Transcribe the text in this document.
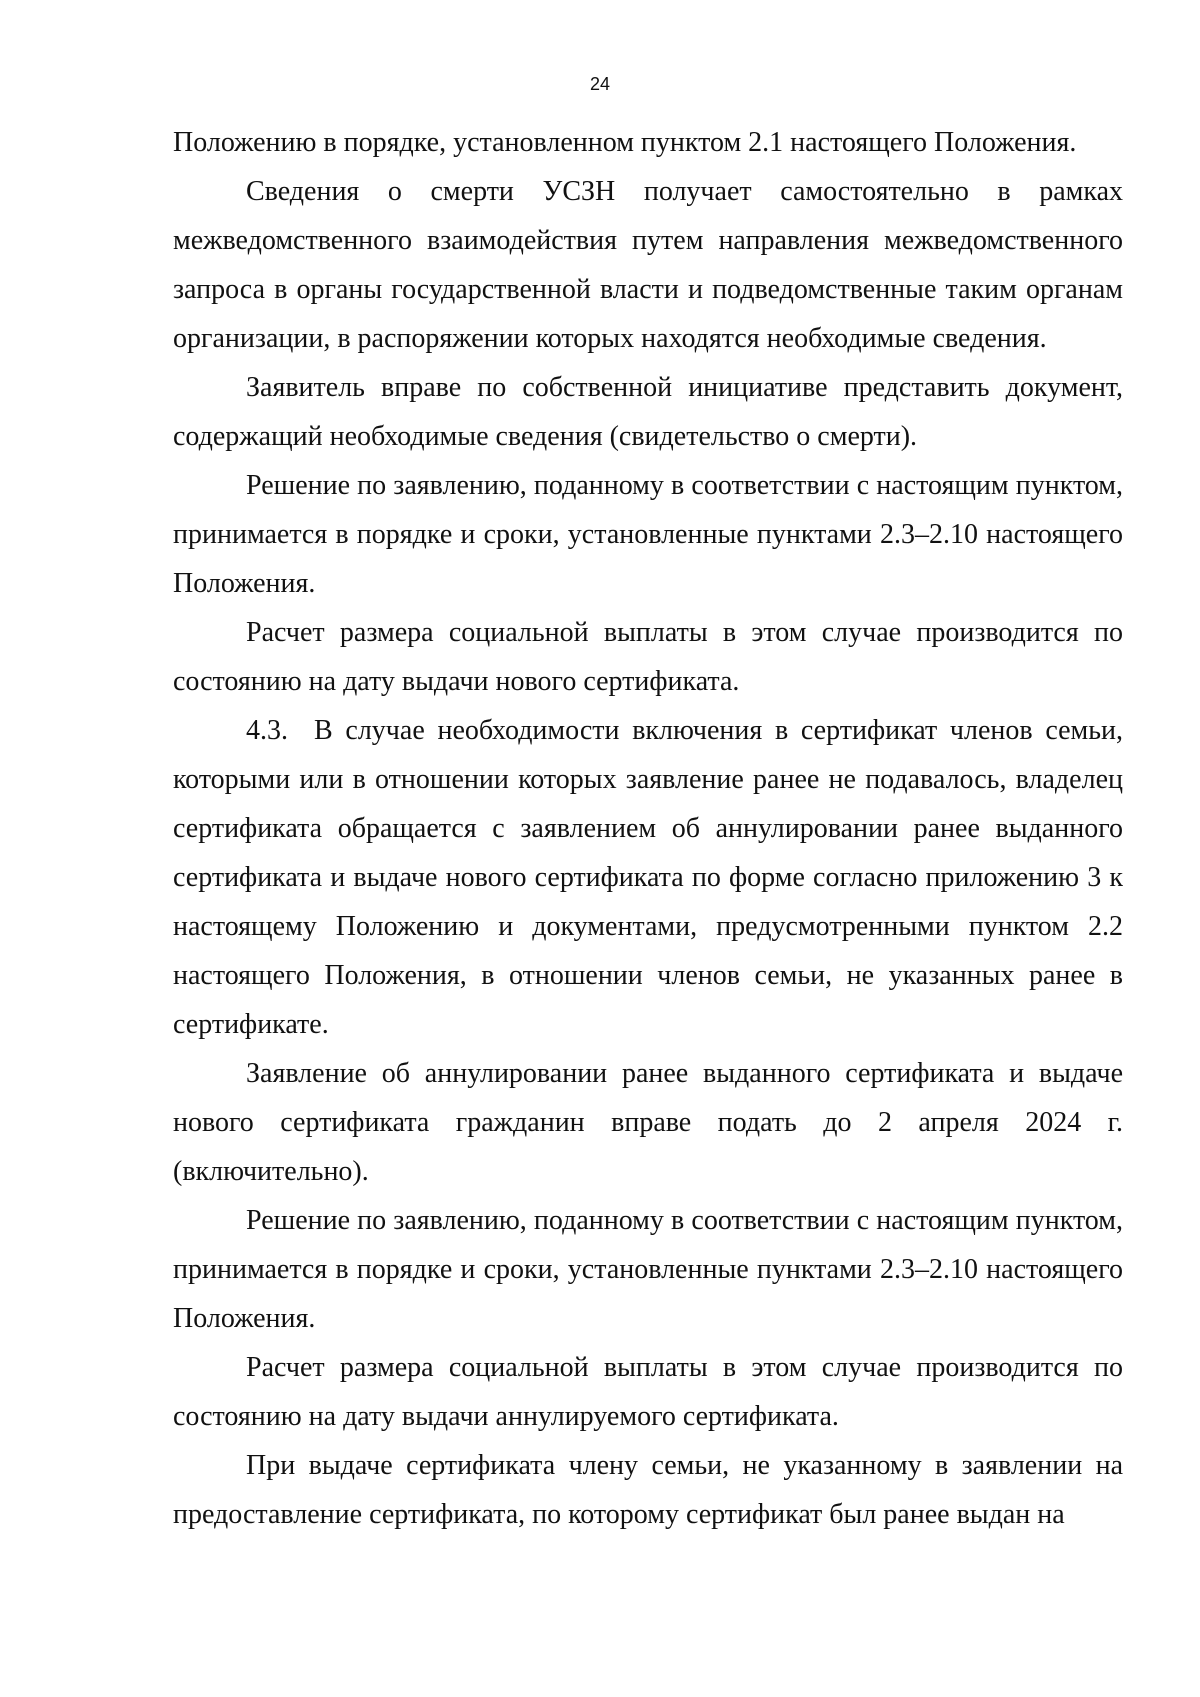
24

Положению в порядке, установленном пунктом 2.1 настоящего Положения.

Сведения о смерти УСЗН получает самостоятельно в рамках межведомственного взаимодействия путем направления межведомственного запроса в органы государственной власти и подведомственные таким органам организации, в распоряжении которых находятся необходимые сведения.

Заявитель вправе по собственной инициативе представить документ, содержащий необходимые сведения (свидетельство о смерти).

Решение по заявлению, поданному в соответствии с настоящим пунктом, принимается в порядке и сроки, установленные пунктами 2.3–2.10 настоящего Положения.

Расчет размера социальной выплаты в этом случае производится по состоянию на дату выдачи нового сертификата.

4.3. В случае необходимости включения в сертификат членов семьи, которыми или в отношении которых заявление ранее не подавалось, владелец сертификата обращается с заявлением об аннулировании ранее выданного сертификата и выдаче нового сертификата по форме согласно приложению 3 к настоящему Положению и документами, предусмотренными пунктом 2.2 настоящего Положения, в отношении членов семьи, не указанных ранее в сертификате.

Заявление об аннулировании ранее выданного сертификата и выдаче нового сертификата гражданин вправе подать до 2 апреля 2024 г. (включительно).

Решение по заявлению, поданному в соответствии с настоящим пунктом, принимается в порядке и сроки, установленные пунктами 2.3–2.10 настоящего Положения.

Расчет размера социальной выплаты в этом случае производится по состоянию на дату выдачи аннулируемого сертификата.

При выдаче сертификата члену семьи, не указанному в заявлении на предоставление сертификата, по которому сертификат был ранее выдан на
